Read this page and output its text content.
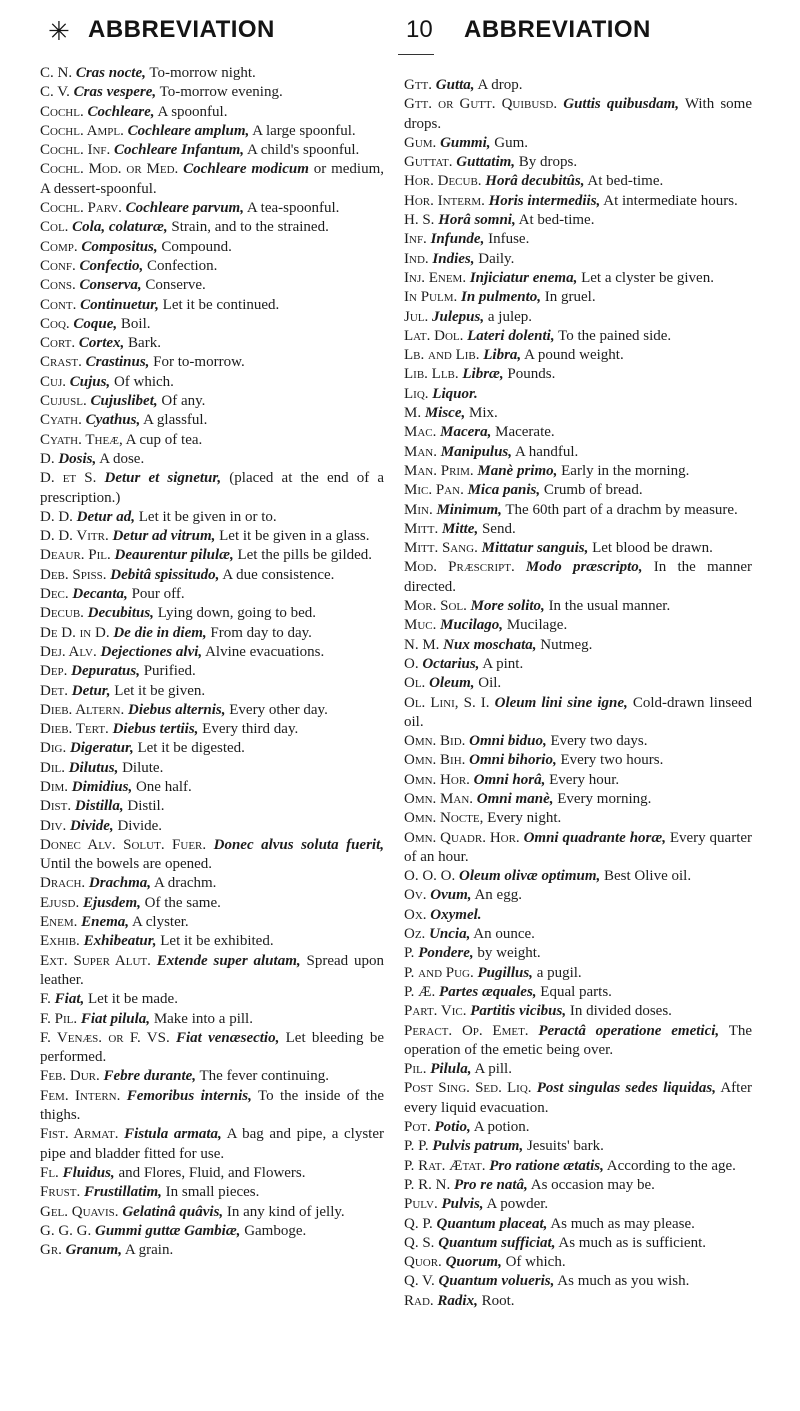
✳ ABBREVIATION	10 ABBREVIATION

C. N. Cras nocte, To-morrow night.

C. V. Cras vespere, To-morrow evening.

Cochl. Cochleare, A spoonful.

Cochl. Ampl. Cochleare amplum, A large spoonful.

Cochl. Inf. Cochleare Infantum, A child's spoonful.

Cochl. Mod. or Med. Cochleare modicum or medium, A dessert-spoonful.

Cochl. Parv. Cochleare parvum, A tea-spoonful.

Col. Cola, colaturæ, Strain, and to the strained.

Comp. Compositus, Compound.

Conf. Confectio, Confection.

Cons. Conserva, Conserve.

Cont. Continuetur, Let it be continued.

Coq. Coque, Boil.

Cort. Cortex, Bark.

Crast. Crastinus, For to-morrow.

Cuj. Cujus, Of which.

Cujusl. Cujuslibet, Of any.

Cyath. Cyathus, A glassful.

Cyath. Theæ, A cup of tea.

D. Dosis, A dose.

D. et S. Detur et signetur, (placed at the end of a prescription.)

D. D. Detur ad, Let it be given in or to.

D. D. Vitr. Detur ad vitrum, Let it be given in a glass.

Deaur. Pil. Deaurentur pilulæ, Let the pills be gilded.

Deb. Spiss. Debitâ spissitudo, A due consistence.

Dec. Decanta, Pour off.

Decub. Decubitus, Lying down, going to bed.

De D. in D. De die in diem, From day to day.

Dej. Alv. Dejectiones alvi, Alvine evacuations.

Dep. Depuratus, Purified.

Det. Detur, Let it be given.

Dieb. Altern. Diebus alternis, Every other day.

Dieb. Tert. Diebus tertiis, Every third day.

Dig. Digeratur, Let it be digested.

Dil. Dilutus, Dilute.

Dim. Dimidius, One half.

Dist. Distilla, Distil.

Div. Divide, Divide.

Donec Alv. Solut. Fuer. Donec alvus soluta fuerit, Until the bowels are opened.

Drach. Drachma, A drachm.

Ejusd. Ejusdem, Of the same.

Enem. Enema, A clyster.

Exhib. Exhibeatur, Let it be exhibited.

Ext. Super Alut. Extende super alutam, Spread upon leather.

F. Fiat, Let it be made.

F. Pil. Fiat pilula, Make into a pill.

F. Venæs. or F. VS. Fiat venæsectio, Let bleeding be performed.

Feb. Dur. Febre durante, The fever continuing.

Fem. Intern. Femoribus internis, To the inside of the thighs.

Fist. Armat. Fistula armata, A bag and pipe, a clyster pipe and bladder fitted for use.

Fl. Fluidus, and Flores, Fluid, and Flowers.

Frust. Frustillatim, In small pieces.

Gel. Quavis. Gelatinâ quâvis, In any kind of jelly.

G. G. G. Gummi guttæ Gambiæ, Gamboge.

Gr. Granum, A grain.

Gtt. Gutta, A drop.

Gtt. or Gutt. Quibusd. Guttis quibusdam, With some drops.

Gum. Gummi, Gum.

Guttat. Guttatim, By drops.

Hor. Decub. Horâ decubitûs, At bed-time.

Hor. Interm. Horis intermediis, At intermediate hours.

H. S. Horâ somni, At bed-time.

Inf. Infunde, Infuse.

Ind. Indies, Daily.

Inj. Enem. Injiciatur enema, Let a clyster be given.

In Pulm. In pulmento, In gruel.

Jul. Julepus, a julep.

Lat. Dol. Lateri dolenti, To the pained side.

Lb. and Lib. Libra, A pound weight.

Lib. Llb. Libræ, Pounds.

Liq. Liquor.

M. Misce, Mix.

Mac. Macera, Macerate.

Man. Manipulus, A handful.

Man. Prim. Manè primo, Early in the morning.

Mic. Pan. Mica panis, Crumb of bread.

Min. Minimum, The 60th part of a drachm by measure.

Mitt. Mitte, Send.

Mitt. Sang. Mittatur sanguis, Let blood be drawn.

Mod. Præscript. Modo præscripto, In the manner directed.

Mor. Sol. More solito, In the usual manner.

Muc. Mucilago, Mucilage.

N. M. Nux moschata, Nutmeg.

O. Octarius, A pint.

Ol. Oleum, Oil.

Ol. Lini, S. I. Oleum lini sine igne, Cold-drawn linseed oil.

Omn. Bid. Omni biduo, Every two days.

Omn. Bih. Omni bihorio, Every two hours.

Omn. Hor. Omni horâ, Every hour.

Omn. Man. Omni manè, Every morning.

Omn. Nocte, Every night.

Omn. Quadr. Hor. Omni quadrante horæ, Every quarter of an hour.

O. O. O. Oleum olivæ optimum, Best Olive oil.

Ov. Ovum, An egg.

Ox. Oxymel.

Oz. Uncia, An ounce.

P. Pondere, by weight.

P. and Pug. Pugillus, a pugil.

P. Æ. Partes æquales, Equal parts.

Part. Vic. Partitis vicibus, In divided doses.

Peract. Op. Emet. Peractâ operatione emetici, The operation of the emetic being over.

Pil. Pilula, A pill.

Post Sing. Sed. Liq. Post singulas sedes liquidas, After every liquid evacuation.

Pot. Potio, A potion.

P. P. Pulvis patrum, Jesuits' bark.

P. Rat. Ætat. Pro ratione ætatis, According to the age.

P. R. N. Pro re natâ, As occasion may be.

Pulv. Pulvis, A powder.

Q. P. Quantum placeat, As much as may please.

Q. S. Quantum sufficiat, As much as is sufficient.

Quor. Quorum, Of which.

Q. V. Quantum volueris, As much as you wish.

Rad. Radix, Root.
